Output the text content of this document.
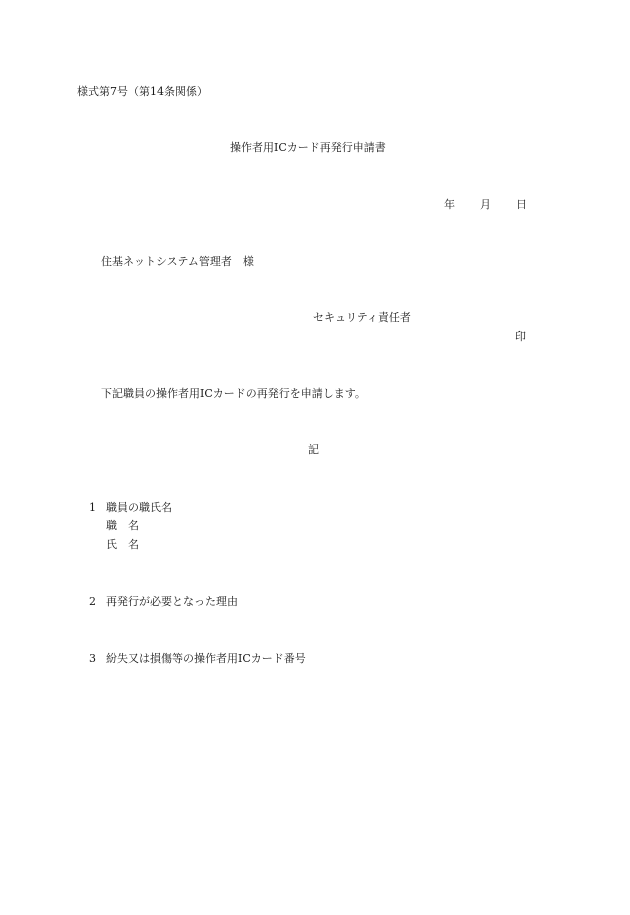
様式第7号（第14条関係）
操作者用ICカード再発行申請書
年 月 日
住基ネットシステム管理者　様
セキュリティ責任者
印
下記職員の操作者用ICカードの再発行を申請します。
記
1 職員の職氏名
職　名
氏　名
2 再発行が必要となった理由
3 紛失又は損傷等の操作者用ICカード番号
